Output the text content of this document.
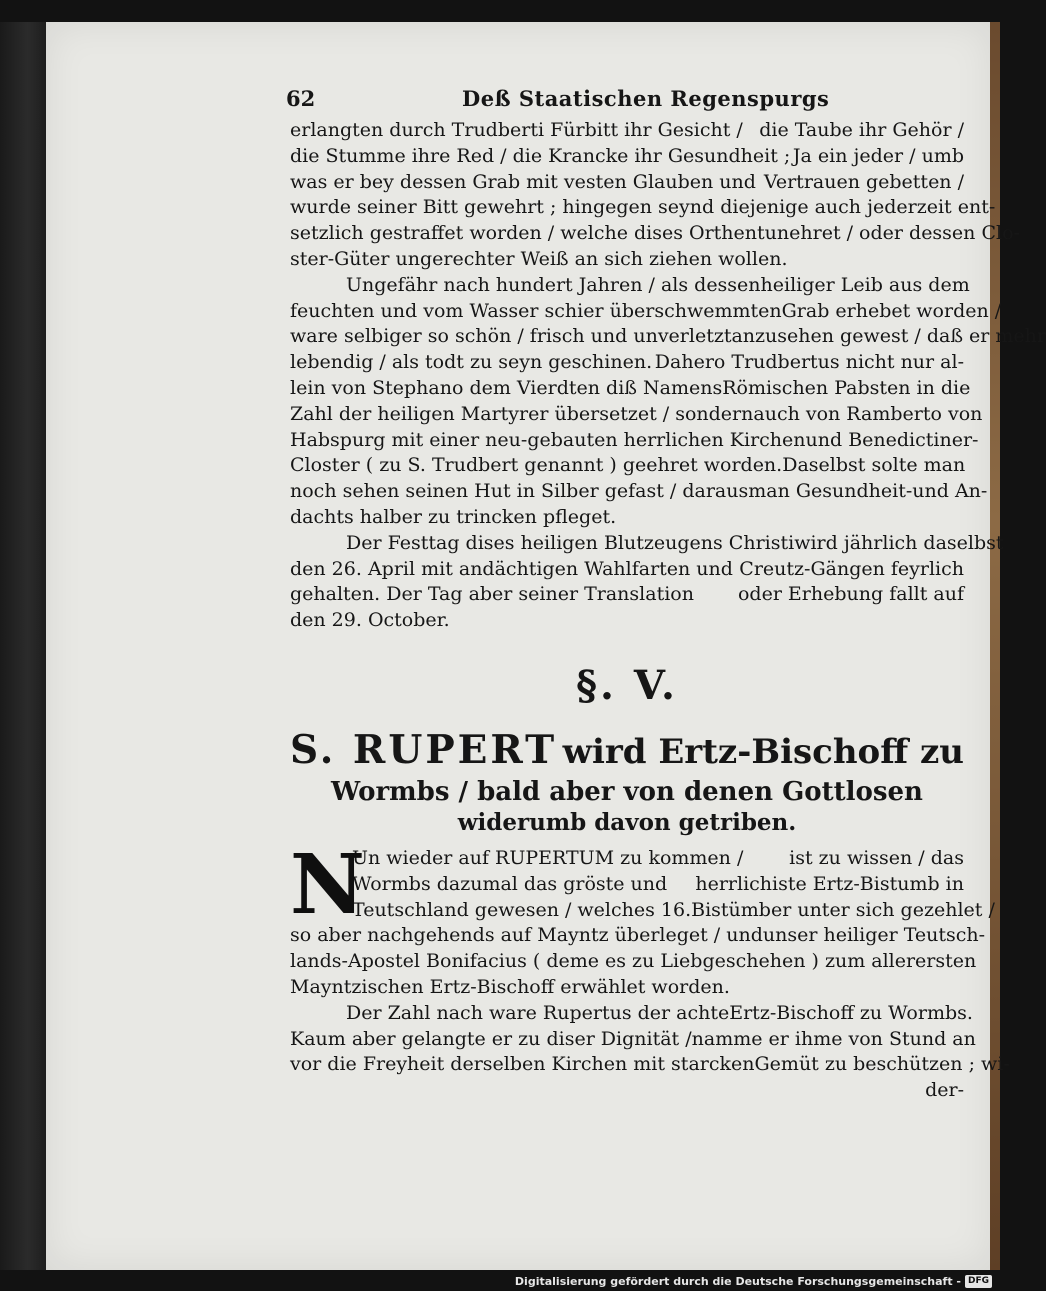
62	Deß Staatischen Regenspurgs
erlangten durch Trudberti Fürbitt ihr Gesicht / die Taube ihr Gehör /
die Stumme ihre Red / die Krancke ihr Gesundheit ; Ja ein jeder / umb
was er bey dessen Grab mit vesten Glauben und Vertrauen gebetten /
wurde seiner Bitt gewehrt ; hingegen seynd die jenige auch jederzeit ent-
setzlich gestraffet worden / welche dises Orth entunehret / oder dessen Clo-
ster-Güter ungerechter Weiß an sich ziehen wollen.
Ungefähr nach hundert Jahren / als dessen heiliger Leib aus dem
feuchten und vom Wasser schier überschwemmten Grab erhebet worden /
ware selbiger so schön / frisch und unverletzt anzusehen gewest / daß er mehr
lebendig / als todt zu seyn geschinen. Dahero Trudbertus nicht nur al-
lein von Stephano dem Vierdten diß Namens Römischen Pabsten in die
Zahl der heiligen Martyrer übersetzet / sondern auch von Ramberto von
Habspurg mit einer neu-gebauten herrlichen Kirchen und Benedictiner-
Closter ( zu S. Trudbert genannt ) geehret worden. Daselbst solte man
noch sehen seinen Hut in Silber gefast / daraus man Gesundheit-und An-
dachts halber zu trincken pfleget.
Der Festtag dises heiligen Blutzeugens Christi wird jährlich daselbst
den 26. April mit andächtigen Wahlfarten und Creutz-Gängen feyrlich
gehalten. Der Tag aber seiner Translation oder Erhebung fallt auf
den 29. October.
§. V.
S. RUPERT wird Ertz-Bischoff zu
Wormbs / bald aber von denen Gottlosen
widerumb davon getriben.
N
Un wieder auf RUPERTUM zu kommen / ist zu wissen / das
Wormbs dazumal das gröste und herrlichiste Ertz-Bistumb in
Teutschland gewesen / welches 16. Bistümber unter sich gezehlet /
so aber nachgehends auf Mayntz überleget / und unser heiliger Teutsch-
lands-Apostel Bonifacius ( deme es zu Lieb geschehen ) zum allerersten
Mayntzischen Ertz-Bischoff erwählet worden.
Der Zahl nach ware Rupertus der achte Ertz-Bischoff zu Wormbs.
Kaum aber gelangte er zu diser Dignität / namme er ihme von Stund an
vor die Freyheit derselben Kirchen mit starcken Gemüt zu beschützen ; wi-
der-
Digitalisierung gefördert durch die Deutsche Forschungsgemeinschaft - DFG
